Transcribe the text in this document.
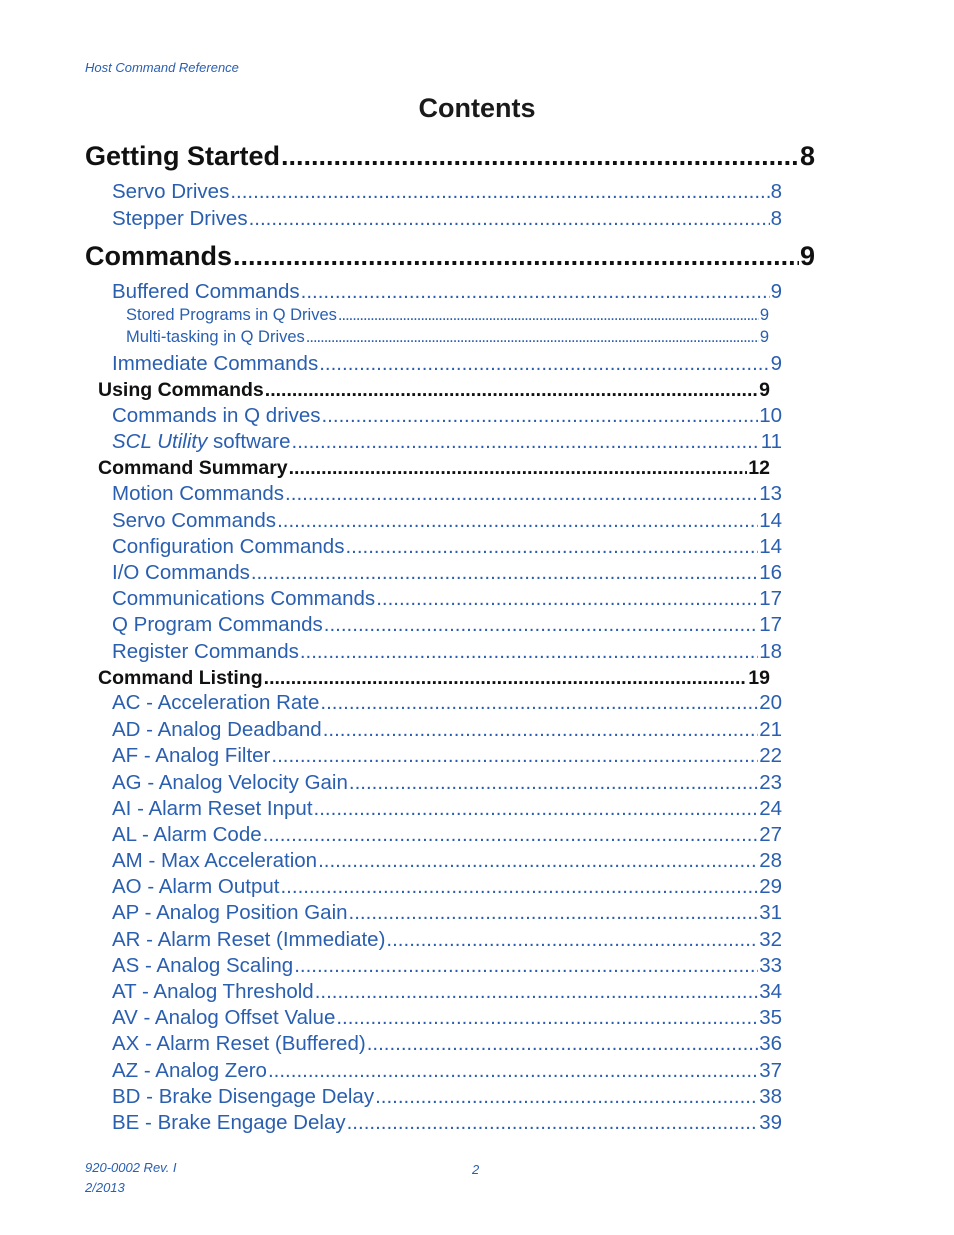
Host Command Reference
Contents
Getting Started .....	8
Servo Drives .....	8
Stepper Drives .....	8
Commands .....	9
Buffered Commands .....	9
Stored Programs in Q Drives .....	9
Multi-tasking in Q Drives .....	9
Immediate Commands .....	9
Using Commands .....	9
Commands in Q drives .....	10
SCL Utility software .....	11
Command Summary .....	12
Motion Commands .....	13
Servo Commands .....	14
Configuration Commands .....	14
I/O Commands .....	16
Communications Commands .....	17
Q Program Commands .....	17
Register Commands .....	18
Command Listing .....	19
AC - Acceleration Rate .....	20
AD - Analog Deadband .....	21
AF - Analog Filter .....	22
AG - Analog Velocity Gain .....	23
AI - Alarm Reset Input .....	24
AL - Alarm Code .....	27
AM - Max Acceleration .....	28
AO - Alarm Output .....	29
AP - Analog Position Gain .....	31
AR - Alarm Reset (Immediate) .....	32
AS - Analog Scaling .....	33
AT - Analog Threshold .....	34
AV - Analog Offset Value .....	35
AX - Alarm Reset (Buffered) .....	36
AZ - Analog Zero .....	37
BD - Brake Disengage Delay .....	38
BE - Brake Engage Delay .....	39
920-0002 Rev. I
2/2013
2
